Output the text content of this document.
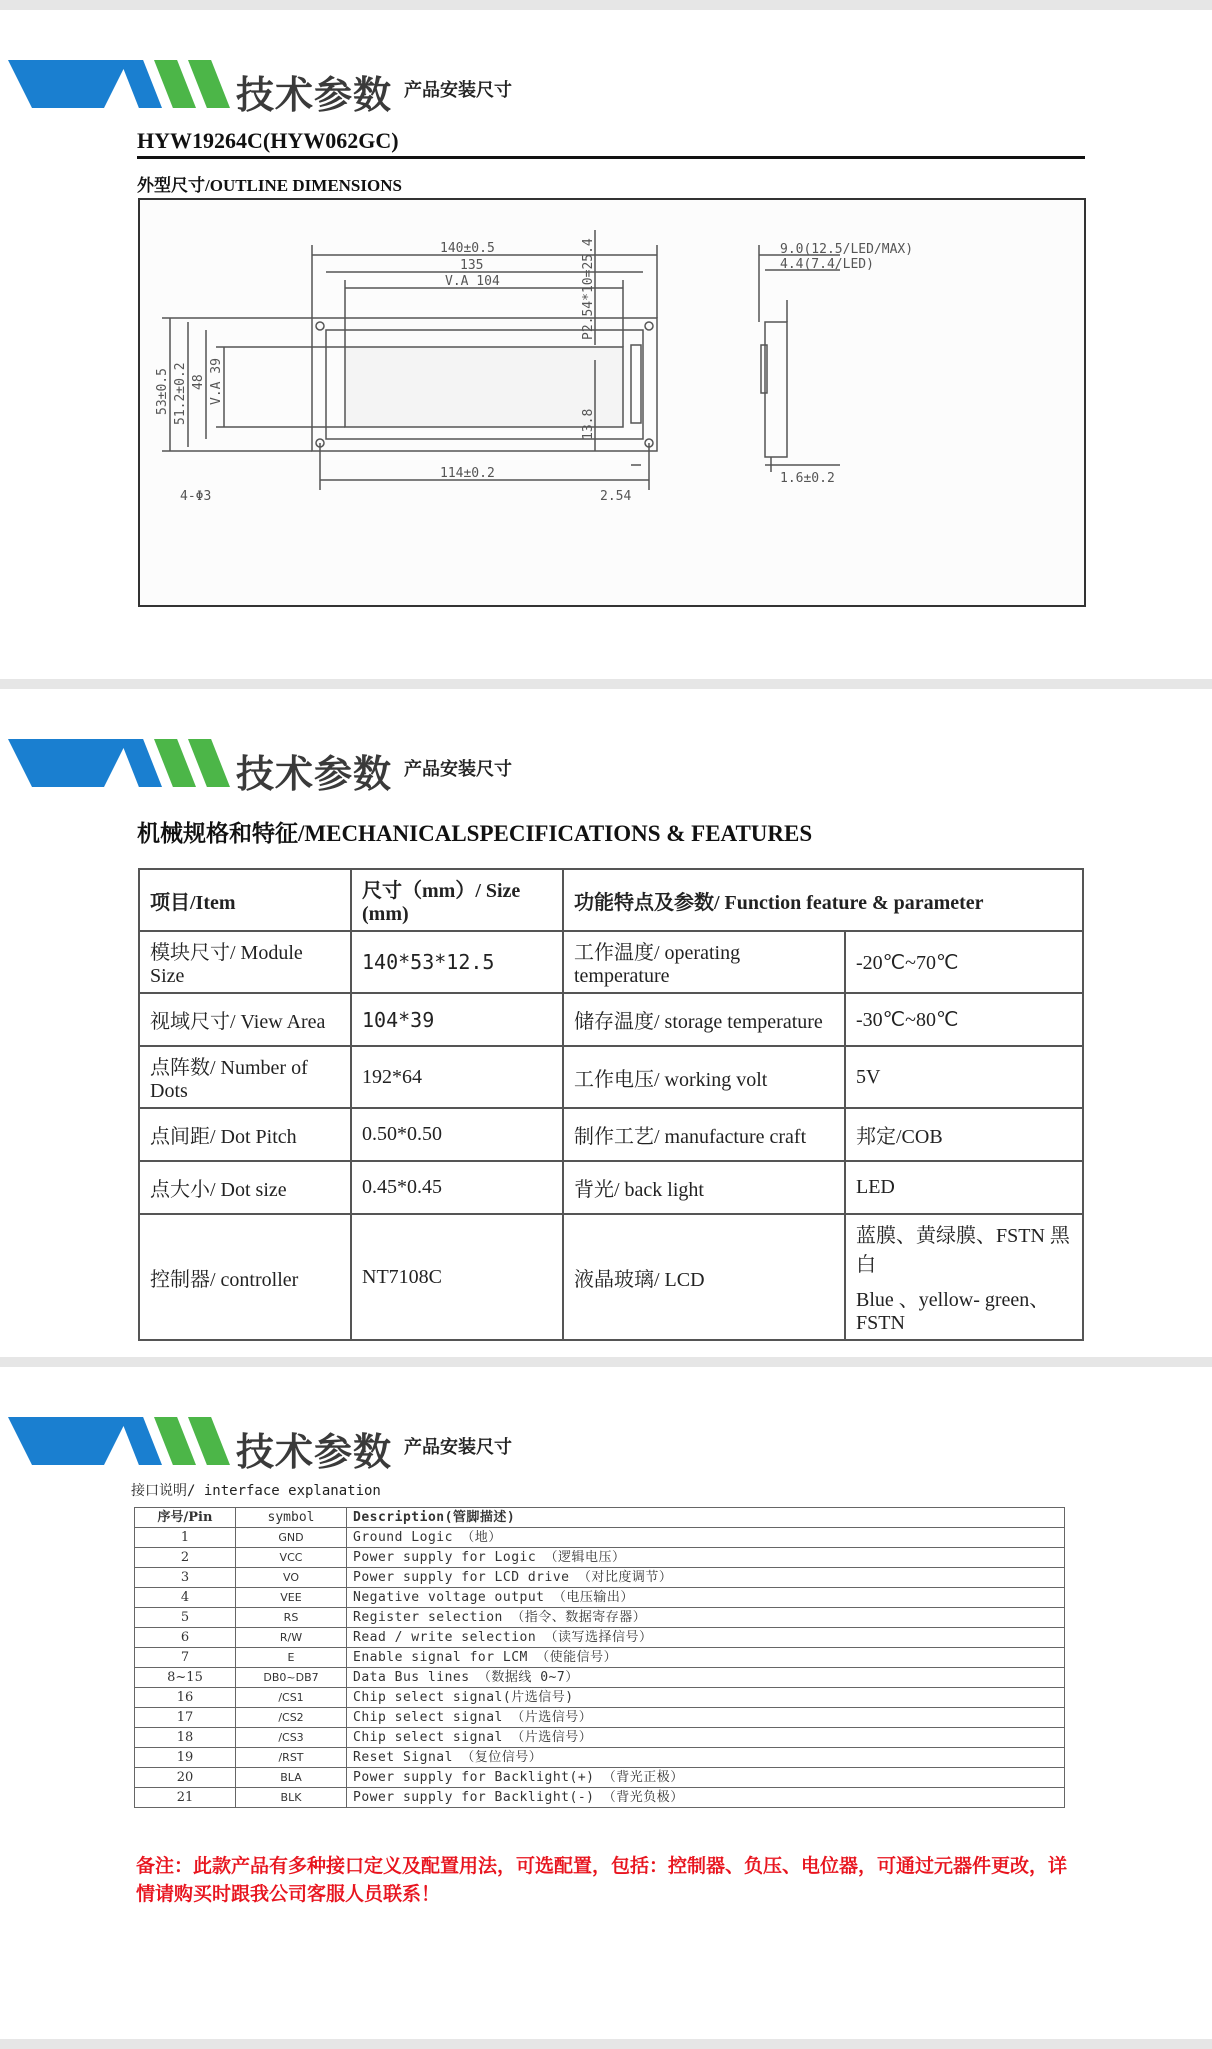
技术参数 产品安装尺寸
HYW19264C(HYW062GC)
外型尺寸/OUTLINE DIMENSIONS
140±0.5
135
V.A 104
114±0.2
2.54
9.0(12.5/LED/MAX)
4.4(7.4/LED)
1.6±0.2
4-Φ3
53±0.5 51.2±0.2 48 V.A 39
P2.54*10=25.4
13.8
技术参数 产品安装尺寸
机械规格和特征/MECHANICALSPECIFICATIONS & FEATURES
项目/Item	尺寸（mm）/ Size (mm)	功能特点及参数/ Function feature & parameter	
模块尺寸/ Module Size	140*53*12.5	工作温度/ operating temperature	-20℃~70℃
视域尺寸/ View Area	104*39	储存温度/ storage temperature	-30℃~80℃
点阵数/ Number of Dots	192*64	工作电压/ working volt	5V
点间距/ Dot Pitch	0.50*0.50	制作工艺/ manufacture craft	邦定/COB
点大小/ Dot size	0.45*0.45	背光/ back light	LED
控制器/ controller	NT7108C	液晶玻璃/ LCD	蓝膜、黄绿膜、FSTN 黑白
Blue 、yellow- green、FSTN
技术参数 产品安装尺寸
接口说明/ interface explanation
序号/Pin	symbol	Description(管脚描述)
1	GND	Ground Logic （地）
2	VCC	Power supply for Logic （逻辑电压）
3	VO	Power supply for LCD drive （对比度调节）
4	VEE	Negative voltage output （电压输出）
5	RS	Register selection （指令、数据寄存器）
6	R/W	Read / write selection （读写选择信号）
7	E	Enable signal for LCM （使能信号）
8~15	DB0~DB7	Data Bus lines （数据线 0~7）
16	/CS1	Chip select signal(片选信号)
17	/CS2	Chip select signal （片选信号）
18	/CS3	Chip select signal （片选信号）
19	/RST	Reset Signal （复位信号）
20	BLA	Power supply for Backlight(+) （背光正极）
21	BLK	Power supply for Backlight(-) （背光负极）
备注：此款产品有多种接口定义及配置用法，可选配置，包括：控制器、负压、电位器，可通过元器件更改，详情请购买时跟我公司客服人员联系！
